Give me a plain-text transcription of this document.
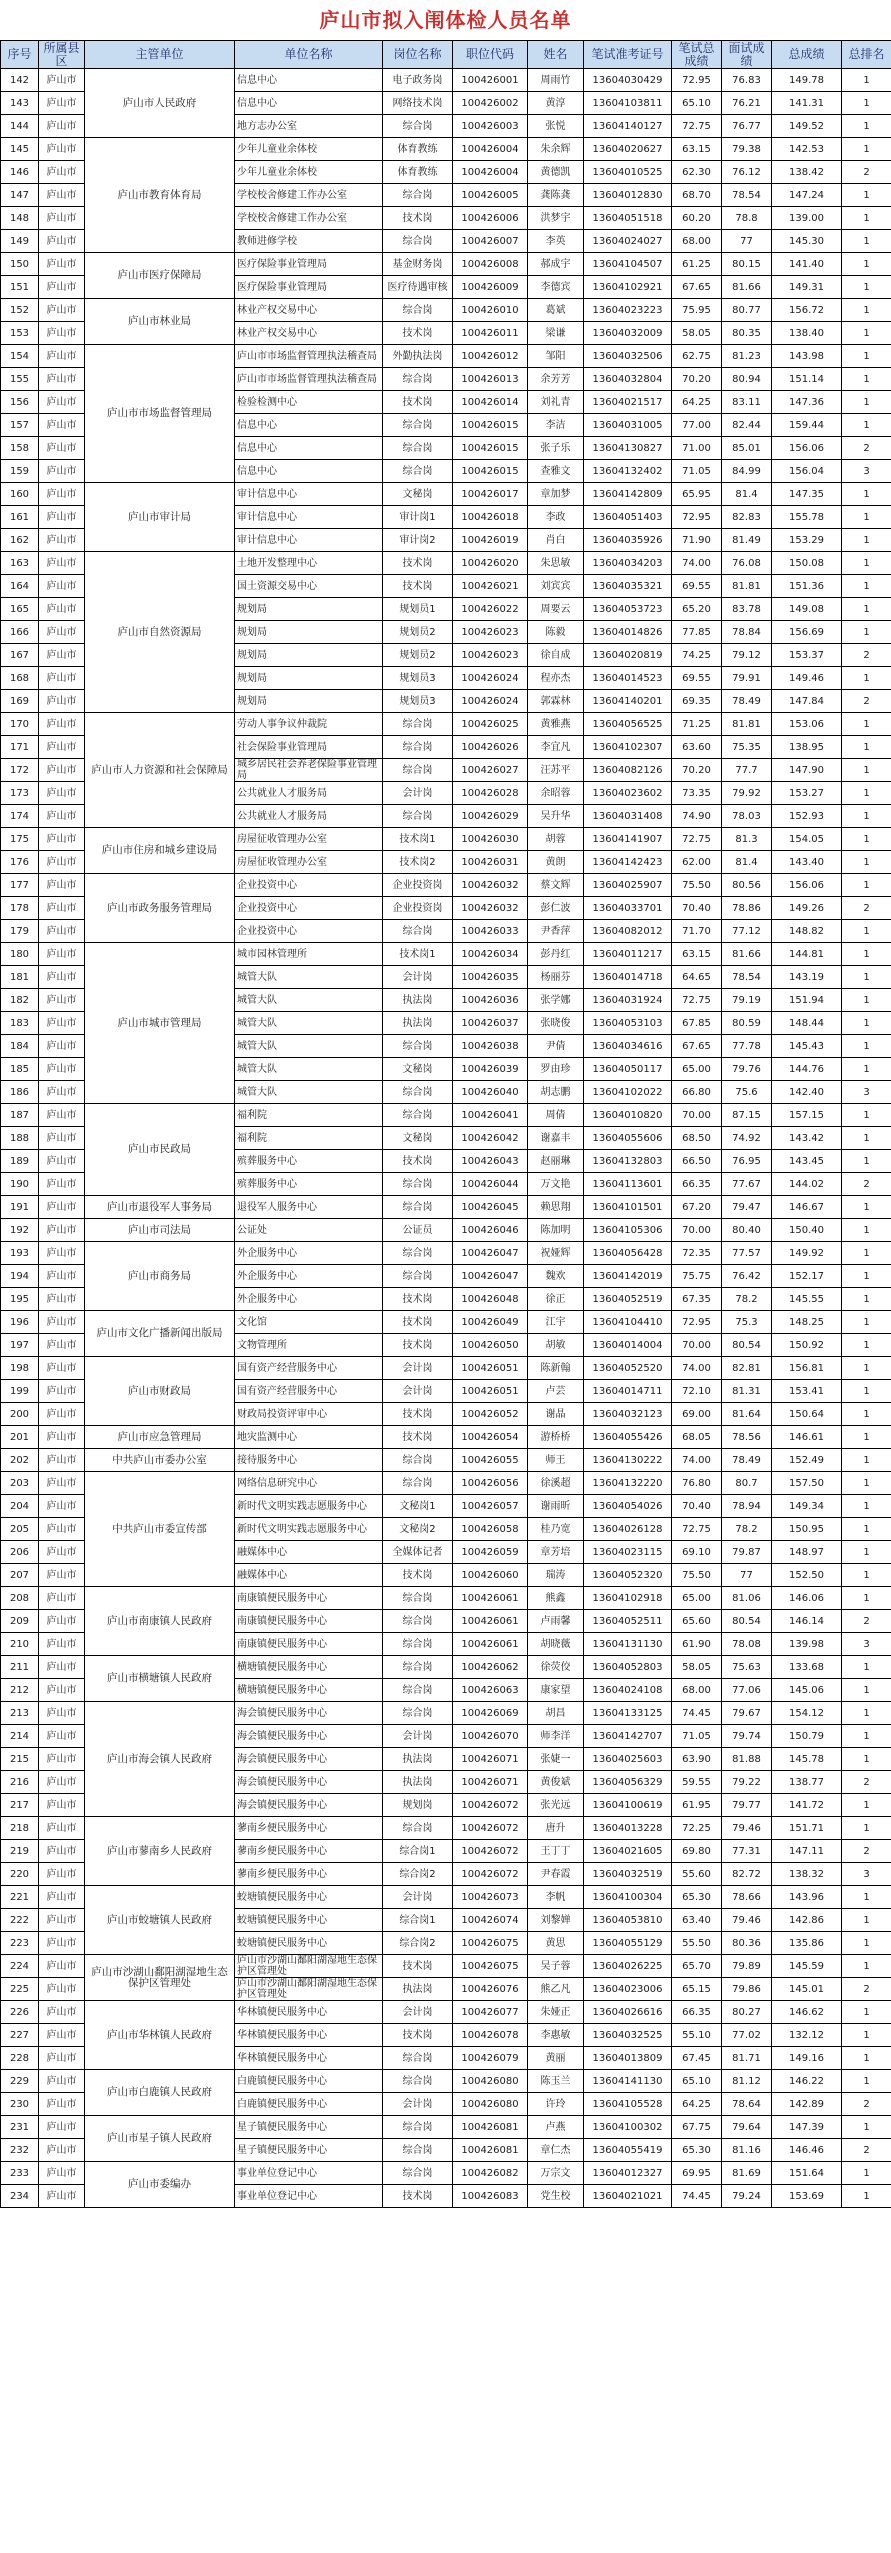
庐山市拟入闱体检人员名单
序号	所属县区	主管单位	单位名称	岗位名称	职位代码	姓名	笔试准考证号	笔试总成绩	面试成绩	总成绩	总排名
142	庐山市	庐山市人民政府	信息中心	电子政务岗	100426001	周雨竹	13604030429	72.95	76.83	149.78	1
143	庐山市		信息中心	网络技术岗	100426002	黄淳	13604103811	65.10	76.21	141.31	1
144	庐山市		地方志办公室	综合岗	100426003	张悦	13604140127	72.75	76.77	149.52	1
145	庐山市	庐山市教育体育局	少年儿童业余体校	体育教练	100426004	朱余辉	13604020627	63.15	79.38	142.53	1
146	庐山市		少年儿童业余体校	体育教练	100426004	黄德凯	13604010525	62.30	76.12	138.42	2
147	庐山市		学校校舍修建工作办公室	综合岗	100426005	龚陈龚	13604012830	68.70	78.54	147.24	1
148	庐山市		学校校舍修建工作办公室	技术岗	100426006	洪梦宇	13604051518	60.20	78.8	139.00	1
149	庐山市		教师进修学校	综合岗	100426007	李英	13604024027	68.00	77	145.30	1
150	庐山市	庐山市医疗保障局	医疗保险事业管理局	基金财务岗	100426008	郝成宇	13604104507	61.25	80.15	141.40	1
151	庐山市		医疗保险事业管理局	医疗待遇审核	100426009	李德宾	13604102921	67.65	81.66	149.31	1
152	庐山市	庐山市林业局	林业产权交易中心	综合岗	100426010	葛斌	13604023223	75.95	80.77	156.72	1
153	庐山市		林业产权交易中心	技术岗	100426011	梁谦	13604032009	58.05	80.35	138.40	1
154	庐山市	庐山市市场监督管理局	庐山市市场监督管理执法稽查局	外勤执法岗	100426012	邹阳	13604032506	62.75	81.23	143.98	1
155	庐山市		庐山市市场监督管理执法稽查局	综合岗	100426013	余芳芳	13604032804	70.20	80.94	151.14	1
156	庐山市		检验检测中心	技术岗	100426014	刘礼青	13604021517	64.25	83.11	147.36	1
157	庐山市		信息中心	综合岗	100426015	李洁	13604031005	77.00	82.44	159.44	1
158	庐山市		信息中心	综合岗	100426015	张子乐	13604130827	71.00	85.01	156.06	2
159	庐山市		信息中心	综合岗	100426015	查雅文	13604132402	71.05	84.99	156.04	3
160	庐山市	庐山市审计局	审计信息中心	文秘岗	100426017	章加梦	13604142809	65.95	81.4	147.35	1
161	庐山市		审计信息中心	审计岗1	100426018	李政	13604051403	72.95	82.83	155.78	1
162	庐山市		审计信息中心	审计岗2	100426019	肖白	13604035926	71.90	81.49	153.29	1
163	庐山市	庐山市自然资源局	土地开发整理中心	技术岗	100426020	朱思敏	13604034203	74.00	76.08	150.08	1
164	庐山市		国土资源交易中心	技术岗	100426021	刘宾宾	13604035321	69.55	81.81	151.36	1
165	庐山市		规划局	规划员1	100426022	周要云	13604053723	65.20	83.78	149.08	1
166	庐山市		规划局	规划员2	100426023	陈毅	13604014826	77.85	78.84	156.69	1
167	庐山市		规划局	规划员2	100426023	徐自成	13604020819	74.25	79.12	153.37	2
168	庐山市		规划局	规划员3	100426024	程亦杰	13604014523	69.55	79.91	149.46	1
169	庐山市		规划局	规划员3	100426024	郭霖林	13604140201	69.35	78.49	147.84	2
170	庐山市	庐山市人力资源和社会保障局	劳动人事争议仲裁院	综合岗	100426025	黄雅燕	13604056525	71.25	81.81	153.06	1
171	庐山市		社会保险事业管理局	综合岗	100426026	李宜凡	13604102307	63.60	75.35	138.95	1
172	庐山市		城乡居民社会养老保险事业管理局	综合岗	100426027	汪苏平	13604082126	70.20	77.7	147.90	1
173	庐山市		公共就业人才服务局	会计岗	100426028	余昭蓉	13604023602	73.35	79.92	153.27	1
174	庐山市		公共就业人才服务局	综合岗	100426029	吴升华	13604031408	74.90	78.03	152.93	1
175	庐山市	庐山市住房和城乡建设局	房屋征收管理办公室	技术岗1	100426030	胡蓉	13604141907	72.75	81.3	154.05	1
176	庐山市		房屋征收管理办公室	技术岗2	100426031	黄朗	13604142423	62.00	81.4	143.40	1
177	庐山市	庐山市政务服务管理局	企业投资中心	企业投资岗	100426032	蔡文辉	13604025907	75.50	80.56	156.06	1
178	庐山市		企业投资中心	企业投资岗	100426032	彭仁波	13604033701	70.40	78.86	149.26	2
179	庐山市		企业投资中心	综合岗	100426033	尹香萍	13604082012	71.70	77.12	148.82	1
180	庐山市	庐山市城市管理局	城市园林管理所	技术岗1	100426034	彭丹红	13604011217	63.15	81.66	144.81	1
181	庐山市		城管大队	会计岗	100426035	杨丽芬	13604014718	64.65	78.54	143.19	1
182	庐山市		城管大队	执法岗	100426036	张学娜	13604031924	72.75	79.19	151.94	1
183	庐山市		城管大队	执法岗	100426037	张晓俊	13604053103	67.85	80.59	148.44	1
184	庐山市		城管大队	综合岗	100426038	尹倩	13604034616	67.65	77.78	145.43	1
185	庐山市		城管大队	文秘岗	100426039	罗由珍	13604050117	65.00	79.76	144.76	1
186	庐山市		城管大队	综合岗	100426040	胡志鹏	13604102022	66.80	75.6	142.40	3
187	庐山市	庐山市民政局	福利院	综合岗	100426041	周倩	13604010820	70.00	87.15	157.15	1
188	庐山市		福利院	文秘岗	100426042	谢嘉丰	13604055606	68.50	74.92	143.42	1
189	庐山市		殡葬服务中心	技术岗	100426043	赵丽琳	13604132803	66.50	76.95	143.45	1
190	庐山市		殡葬服务中心	综合岗	100426044	万文艳	13604113601	66.35	77.67	144.02	2
191	庐山市	庐山市退役军人事务局	退役军人服务中心	综合岗	100426045	赖思翔	13604101501	67.20	79.47	146.67	1
192	庐山市	庐山市司法局	公证处	公证员	100426046	陈加明	13604105306	70.00	80.40	150.40	1
193	庐山市	庐山市商务局	外企服务中心	综合岗	100426047	祝娅辉	13604056428	72.35	77.57	149.92	1
194	庐山市		外企服务中心	综合岗	100426047	魏欢	13604142019	75.75	76.42	152.17	1
195	庐山市		外企服务中心	技术岗	100426048	徐正	13604052519	67.35	78.2	145.55	1
196	庐山市	庐山市文化广播新闻出版局	文化馆	技术岗	100426049	江宇	13604104410	72.95	75.3	148.25	1
197	庐山市		文物管理所	技术岗	100426050	胡敏	13604014004	70.00	80.54	150.92	1
198	庐山市	庐山市财政局	国有资产经营服务中心	会计岗	100426051	陈新翰	13604052520	74.00	82.81	156.81	1
199	庐山市		国有资产经营服务中心	会计岗	100426051	卢芸	13604014711	72.10	81.31	153.41	1
200	庐山市		财政局投资评审中心	技术岗	100426052	谢晶	13604032123	69.00	81.64	150.64	1
201	庐山市	庐山市应急管理局	地灾监测中心	技术岗	100426054	游桥桥	13604055426	68.05	78.56	146.61	1
202	庐山市	中共庐山市委办公室	接待服务中心	综合岗	100426055	师王	13604130222	74.00	78.49	152.49	1
203	庐山市	中共庐山市委宣传部	网络信息研究中心	综合岗	100426056	徐溪超	13604132220	76.80	80.7	157.50	1
204	庐山市		新时代文明实践志愿服务中心	文秘岗1	100426057	谢雨昕	13604054026	70.40	78.94	149.34	1
205	庐山市		新时代文明实践志愿服务中心	文秘岗2	100426058	桂乃宽	13604026128	72.75	78.2	150.95	1
206	庐山市		融媒体中心	全媒体记者	100426059	章芳培	13604023115	69.10	79.87	148.97	1
207	庐山市		融媒体中心	技术岗	100426060	瑞涛	13604052320	75.50	77	152.50	1
208	庐山市	庐山市南康镇人民政府	南康镇便民服务中心	综合岗	100426061	熊鑫	13604102918	65.00	81.06	146.06	1
209	庐山市		南康镇便民服务中心	综合岗	100426061	卢雨馨	13604052511	65.60	80.54	146.14	2
210	庐山市		南康镇便民服务中心	综合岗	100426061	胡晓薇	13604131130	61.90	78.08	139.98	3
211	庐山市	庐山市横塘镇人民政府	横塘镇便民服务中心	综合岗	100426062	徐荧佼	13604052803	58.05	75.63	133.68	1
212	庐山市		横塘镇便民服务中心	综合岗	100426063	康家望	13604024108	68.00	77.06	145.06	1
213	庐山市	庐山市海会镇人民政府	海会镇便民服务中心	综合岗	100426069	胡昌	13604133125	74.45	79.67	154.12	1
214	庐山市		海会镇便民服务中心	会计岗	100426070	师李洋	13604142707	71.05	79.74	150.79	1
215	庐山市		海会镇便民服务中心	执法岗	100426071	张婕一	13604025603	63.90	81.88	145.78	1
216	庐山市		海会镇便民服务中心	执法岗	100426071	黄俊斌	13604056329	59.55	79.22	138.77	2
217	庐山市		海会镇便民服务中心	规划岗	100426072	张光远	13604100619	61.95	79.77	141.72	1
218	庐山市	庐山市蓼南乡人民政府	蓼南乡便民服务中心	综合岗	100426072	唐升	13604013228	72.25	79.46	151.71	1
219	庐山市		蓼南乡便民服务中心	综合岗1	100426072	王丁丁	13604021605	69.80	77.31	147.11	2
220	庐山市		蓼南乡便民服务中心	综合岗2	100426072	尹春霞	13604032519	55.60	82.72	138.32	3
221	庐山市	庐山市蛟塘镇人民政府	蛟塘镇便民服务中心	会计岗	100426073	李帆	13604100304	65.30	78.66	143.96	1
222	庐山市		蛟塘镇便民服务中心	综合岗1	100426074	刘黎婵	13604053810	63.40	79.46	142.86	1
223	庐山市		蛟塘镇便民服务中心	综合岗2	100426075	黄思	13604055129	55.50	80.36	135.86	1
224	庐山市	庐山市沙湖山鄱阳湖湿地生态保护区管理处	庐山市沙湖山鄱阳湖湿地生态保护区管理处	技术岗	100426075	吴子蓉	13604026225	65.70	79.89	145.59	1
225	庐山市		庐山市沙湖山鄱阳湖湿地生态保护区管理处	执法岗	100426076	熊乙凡	13604023006	65.15	79.86	145.01	2
226	庐山市	庐山市华林镇人民政府	华林镇便民服务中心	会计岗	100426077	朱娅正	13604026616	66.35	80.27	146.62	1
227	庐山市		华林镇便民服务中心	技术岗	100426078	李惠敏	13604032525	55.10	77.02	132.12	1
228	庐山市		华林镇便民服务中心	综合岗	100426079	黄丽	13604013809	67.45	81.71	149.16	1
229	庐山市	庐山市白鹿镇人民政府	白鹿镇便民服务中心	综合岗	100426080	陈玉兰	13604141130	65.10	81.12	146.22	1
230	庐山市		白鹿镇便民服务中心	会计岗	100426080	许玲	13604105528	64.25	78.64	142.89	2
231	庐山市	庐山市星子镇人民政府	星子镇便民服务中心	综合岗	100426081	卢燕	13604100302	67.75	79.64	147.39	1
232	庐山市		星子镇便民服务中心	综合岗	100426081	章仁杰	13604055419	65.30	81.16	146.46	2
233	庐山市	庐山市委编办	事业单位登记中心	综合岗	100426082	万宗文	13604012327	69.95	81.69	151.64	1
234	庐山市		事业单位登记中心	技术岗	100426083	党生校	13604021021	74.45	79.24	153.69	1
